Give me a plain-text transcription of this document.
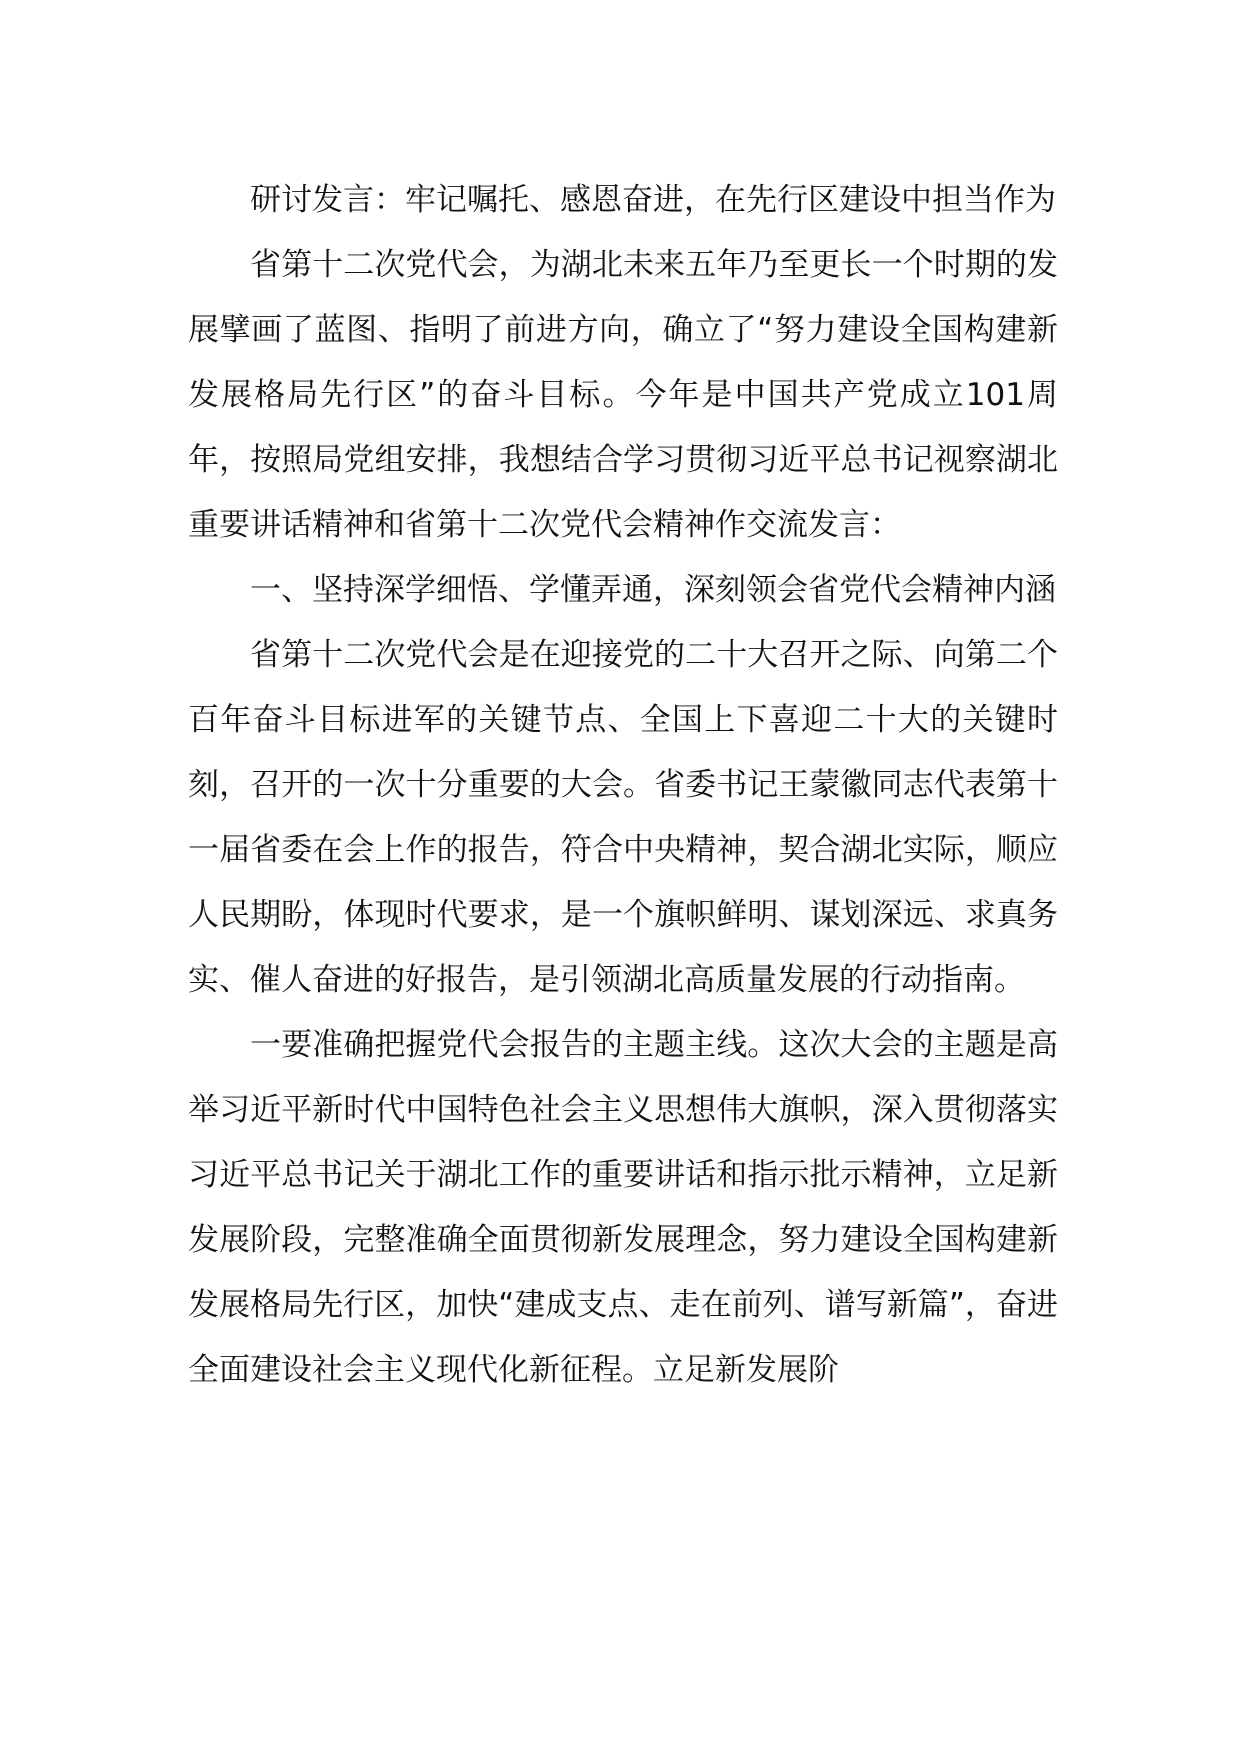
研讨发言：牢记嘱托、感恩奋进，在先行区建设中担当作为

省第十二次党代会，为湖北未来五年乃至更长一个时期的发展擘画了蓝图、指明了前进方向，确立了“努力建设全国构建新发展格局先行区”的奋斗目标。今年是中国共产党成立101周年，按照局党组安排，我想结合学习贯彻习近平总书记视察湖北重要讲话精神和省第十二次党代会精神作交流发言：

一、坚持深学细悟、学懂弄通，深刻领会省党代会精神内涵

省第十二次党代会是在迎接党的二十大召开之际、向第二个百年奋斗目标进军的关键节点、全国上下喜迎二十大的关键时刻，召开的一次十分重要的大会。省委书记王蒙徽同志代表第十一届省委在会上作的报告，符合中央精神，契合湖北实际，顺应人民期盼，体现时代要求，是一个旗帜鲜明、谋划深远、求真务实、催人奋进的好报告，是引领湖北高质量发展的行动指南。

一要准确把握党代会报告的主题主线。这次大会的主题是高举习近平新时代中国特色社会主义思想伟大旗帜，深入贯彻落实习近平总书记关于湖北工作的重要讲话和指示批示精神，立足新发展阶段，完整准确全面贯彻新发展理念，努力建设全国构建新发展格局先行区，加快“建成支点、走在前列、谱写新篇”，奋进全面建设社会主义现代化新征程。立足新发展阶
